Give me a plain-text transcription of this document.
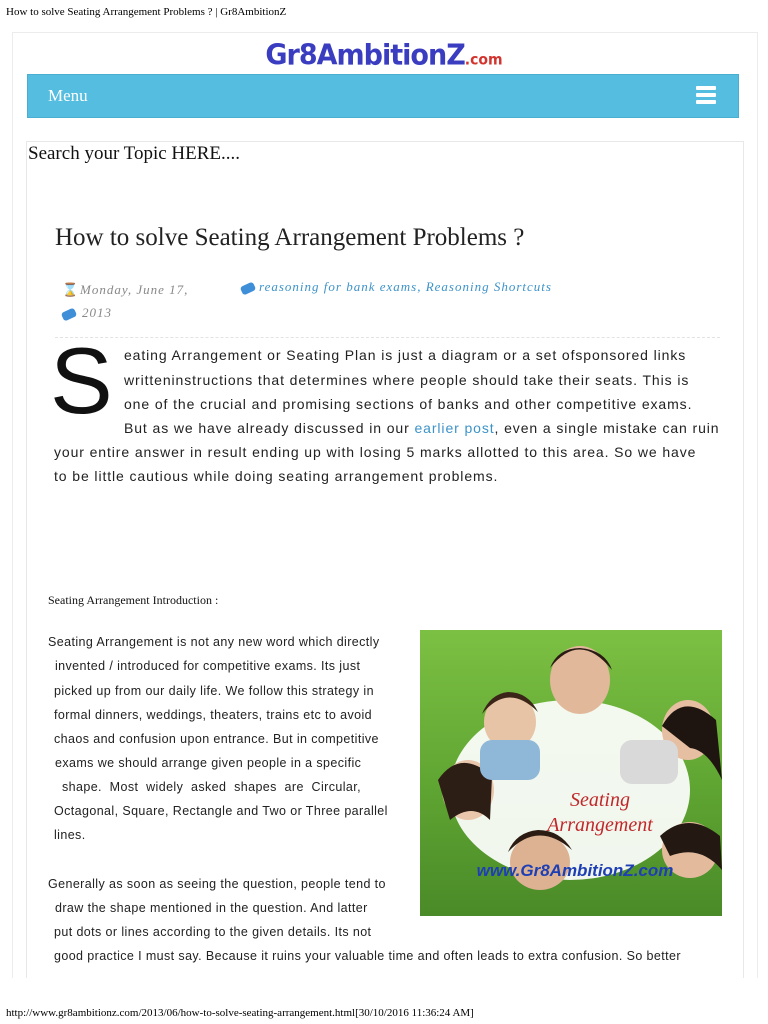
How to solve Seating Arrangement Problems ? | Gr8AmbitionZ
Gr8AmbitionZ.com
Menu
Search your Topic HERE....
How to solve Seating Arrangement Problems ?
⌛Monday, June 17,
2013
reasoning for bank exams, Reasoning Shortcuts
S eating Arrangement or Seating Plan is just a diagram or a set ofsponsored links
writteninstructions that determines where people should take their seats. This is
one of the crucial and promising sections of banks and other competitive exams.
But as we have already discussed in our earlier post, even a single mistake can ruin
your entire answer in result ending up with losing 5 marks allotted to this area. So we have
to be little cautious while doing seating arrangement problems.
Seating Arrangement Introduction :
Seating Arrangement is not any new word which directly
invented / introduced for competitive exams. Its just
picked up from our daily life. We follow this strategy in
formal dinners, weddings, theaters, trains etc to avoid
chaos and confusion upon entrance. But in competitive
exams we should arrange given people in a specific
shape.  Most  widely  asked  shapes  are  Circular,
Octagonal, Square, Rectangle and Two or Three parallel
lines.
Generally as soon as seeing the question, people tend to
draw the shape mentioned in the question. And latter
put dots or lines according to the given details. Its not
good practice I must say. Because it ruins your valuable time and often leads to extra confusion. So better
Seating
Arrangement
www.Gr8AmbitionZ.com
http://www.gr8ambitionz.com/2013/06/how-to-solve-seating-arrangement.html[30/10/2016 11:36:24 AM]
